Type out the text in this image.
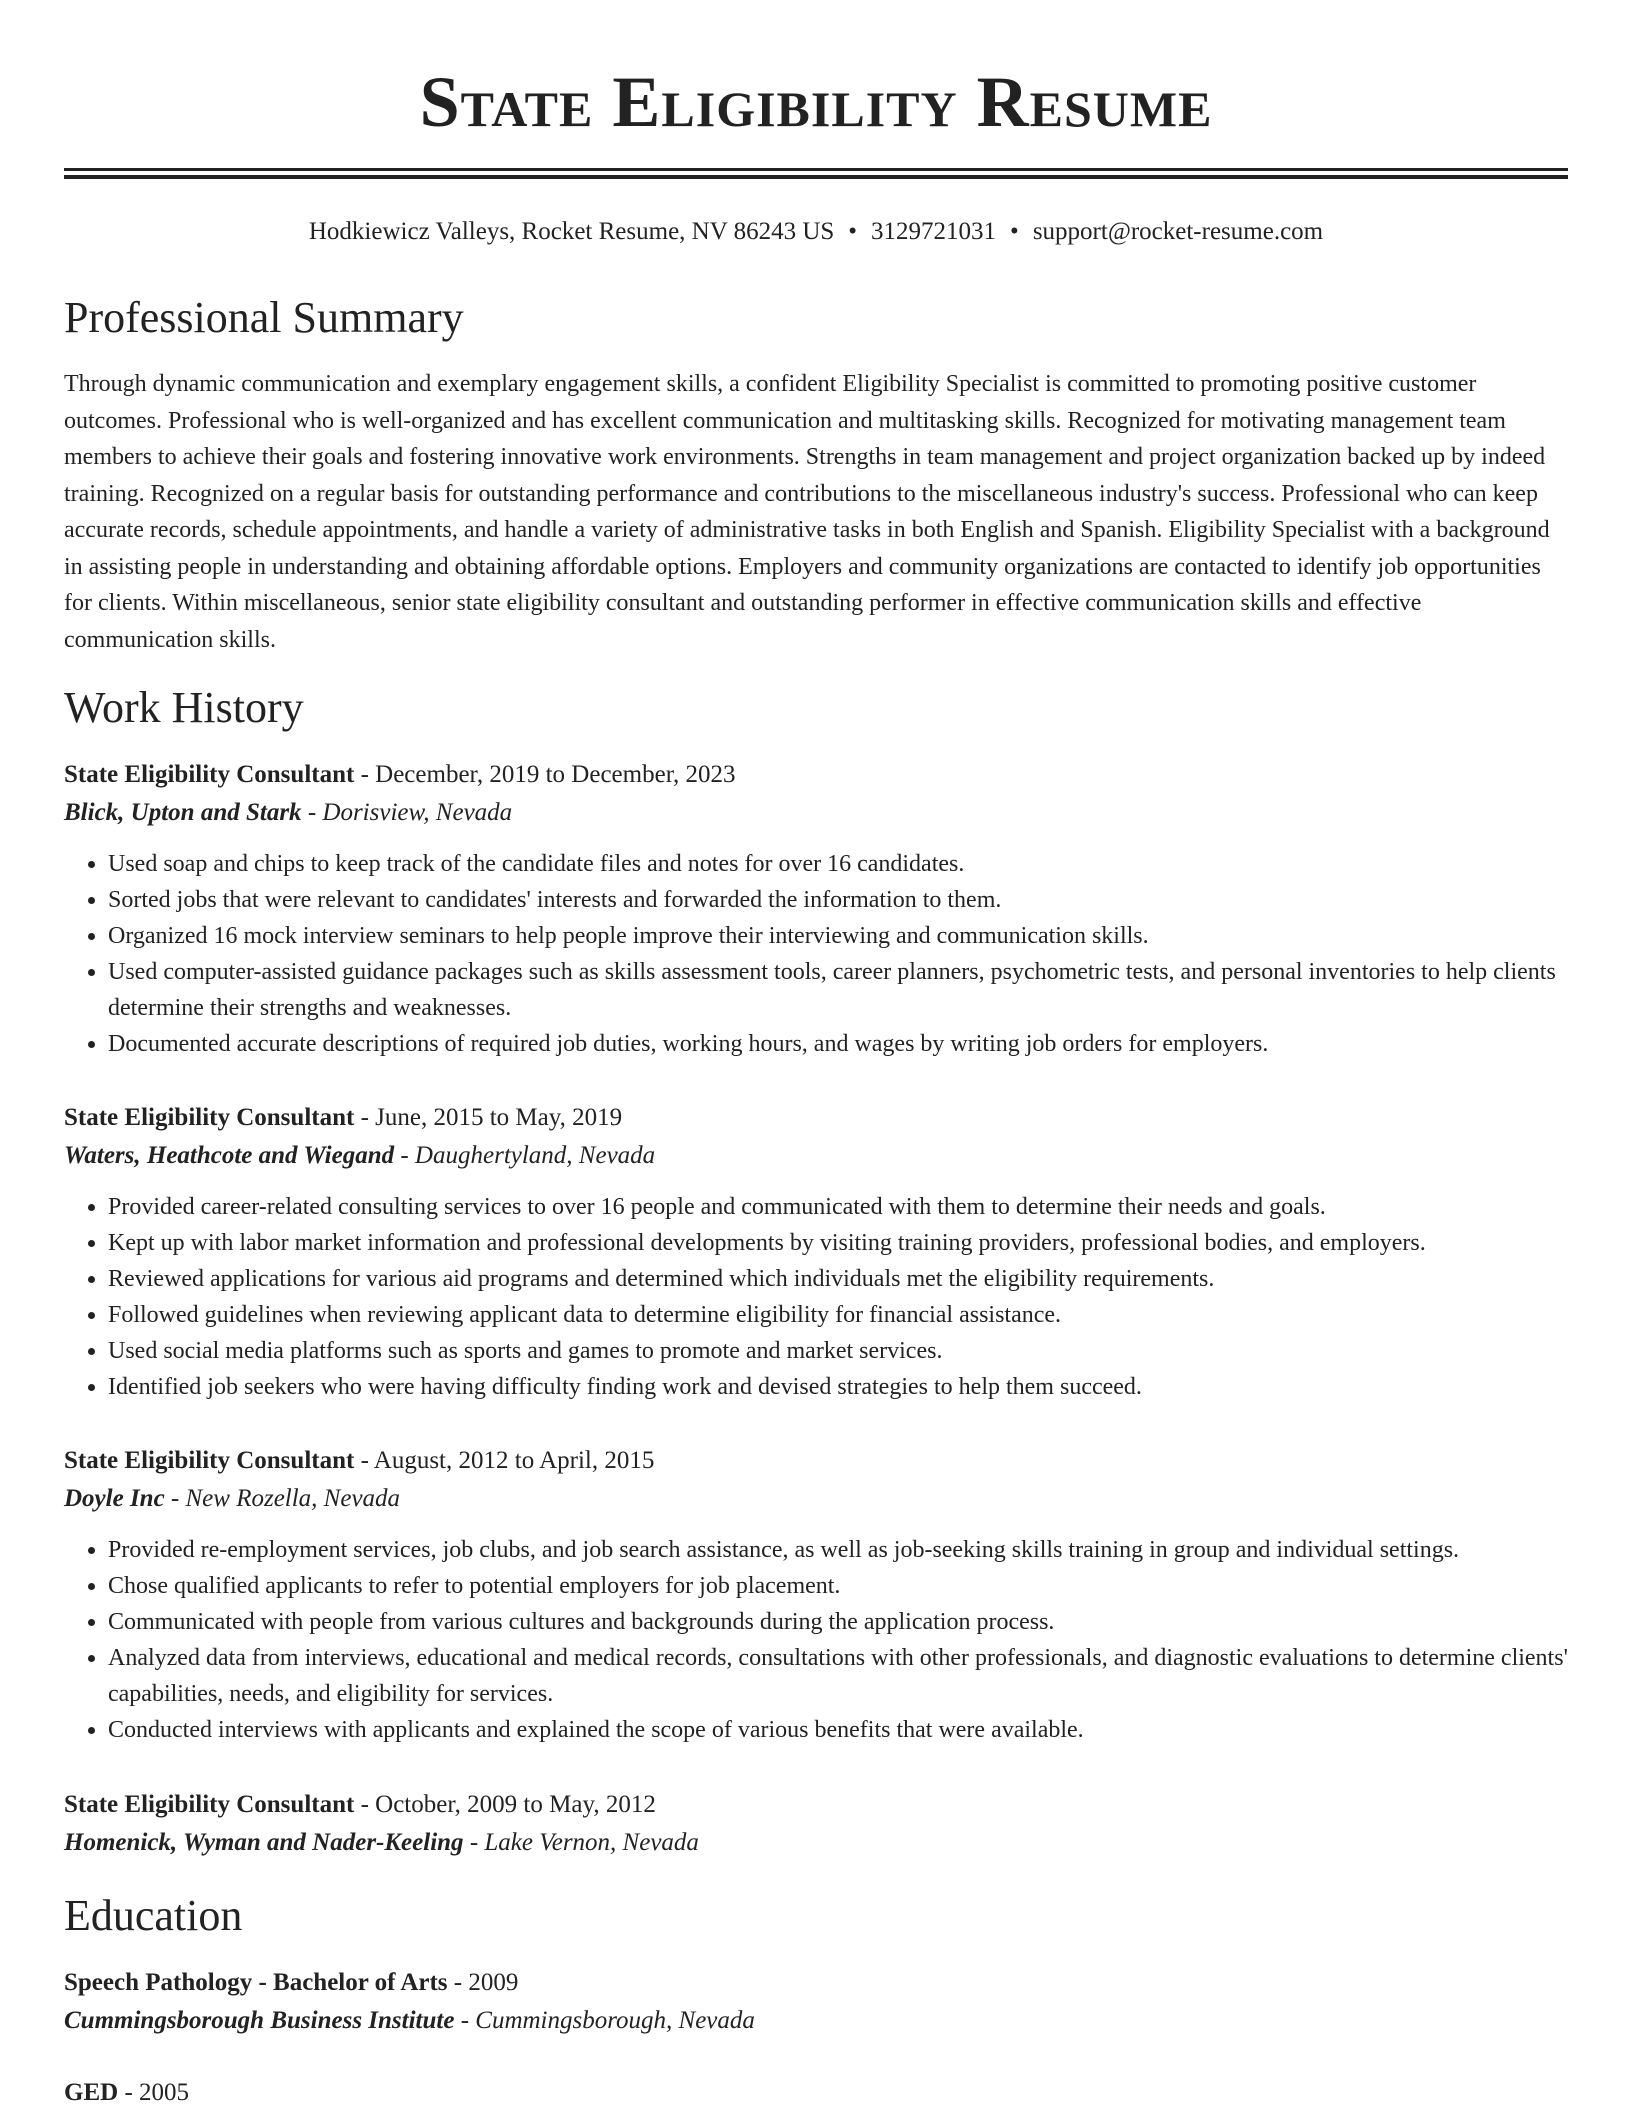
State Eligibility Resume
Hodkiewicz Valleys, Rocket Resume, NV 86243 US • 3129721031 • support@rocket-resume.com
Professional Summary

Through dynamic communication and exemplary engagement skills, a confident Eligibility Specialist is committed to promoting positive customer outcomes. Professional who is well-organized and has excellent communication and multitasking skills. Recognized for motivating management team members to achieve their goals and fostering innovative work environments. Strengths in team management and project organization backed up by indeed training. Recognized on a regular basis for outstanding performance and contributions to the miscellaneous industry's success. Professional who can keep accurate records, schedule appointments, and handle a variety of administrative tasks in both English and Spanish. Eligibility Specialist with a background in assisting people in understanding and obtaining affordable options. Employers and community organizations are contacted to identify job opportunities for clients. Within miscellaneous, senior state eligibility consultant and outstanding performer in effective communication skills and effective communication skills.

Work History

State Eligibility Consultant - December, 2019 to December, 2023

Blick, Upton and Stark - Dorisview, Nevada

• Used soap and chips to keep track of the candidate files and notes for over 16 candidates.
• Sorted jobs that were relevant to candidates' interests and forwarded the information to them.
• Organized 16 mock interview seminars to help people improve their interviewing and communication skills.
• Used computer-assisted guidance packages such as skills assessment tools, career planners, psychometric tests, and personal inventories to help clients determine their strengths and weaknesses.
• Documented accurate descriptions of required job duties, working hours, and wages by writing job orders for employers.

State Eligibility Consultant - June, 2015 to May, 2019

Waters, Heathcote and Wiegand - Daughertyland, Nevada

• Provided career-related consulting services to over 16 people and communicated with them to determine their needs and goals.
• Kept up with labor market information and professional developments by visiting training providers, professional bodies, and employers.
• Reviewed applications for various aid programs and determined which individuals met the eligibility requirements.
• Followed guidelines when reviewing applicant data to determine eligibility for financial assistance.
• Used social media platforms such as sports and games to promote and market services.
• Identified job seekers who were having difficulty finding work and devised strategies to help them succeed.

State Eligibility Consultant - August, 2012 to April, 2015

Doyle Inc - New Rozella, Nevada

• Provided re-employment services, job clubs, and job search assistance, as well as job-seeking skills training in group and individual settings.
• Chose qualified applicants to refer to potential employers for job placement.
• Communicated with people from various cultures and backgrounds during the application process.
• Analyzed data from interviews, educational and medical records, consultations with other professionals, and diagnostic evaluations to determine clients' capabilities, needs, and eligibility for services.
• Conducted interviews with applicants and explained the scope of various benefits that were available.

State Eligibility Consultant - October, 2009 to May, 2012

Homenick, Wyman and Nader-Keeling - Lake Vernon, Nevada

Education

Speech Pathology - Bachelor of Arts - 2009

Cummingsborough Business Institute - Cummingsborough, Nevada

GED - 2005
